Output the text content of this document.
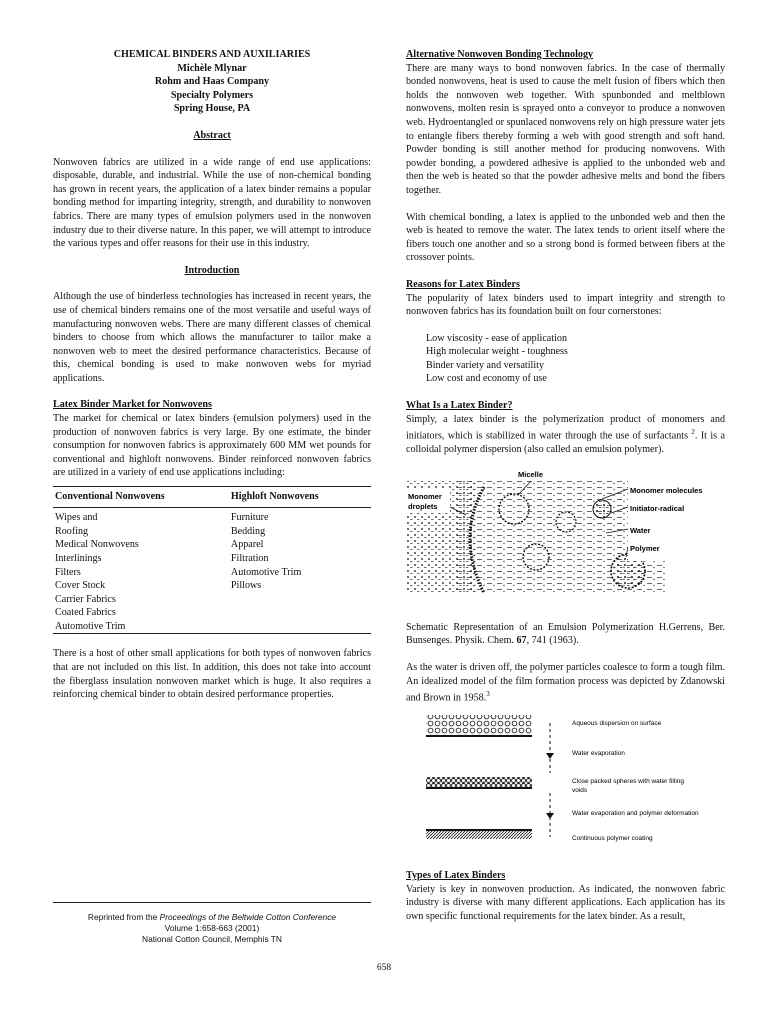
CHEMICAL BINDERS AND AUXILIARIES

Michèle Mlynar

Rohm and Haas Company

Specialty Polymers

Spring House, PA

Abstract

Nonwoven fabrics are utilized in a wide range of end use applications: disposable, durable, and industrial. While the use of non-chemical bonding has grown in recent years, the application of a latex binder remains a popular bonding method for imparting integrity, strength, and durability to nonwoven fabrics. There are many types of emulsion polymers used in the nonwoven industry due to their diverse nature. In this paper, we will attempt to introduce the various types and offer reasons for their use in this industry.

Introduction

Although the use of binderless technologies has increased in recent years, the use of chemical binders remains one of the most versatile and useful ways of manufacturing nonwoven webs. There are many different classes of chemical binders to choose from which allows the manufacturer to tailor make a nonwoven web to meet the desired performance characteristics. Because of this, chemical bonding is used to make nonwoven webs for myriad applications.

Latex Binder Market for Nonwovens

The market for chemical or latex binders (emulsion polymers) used in the production of nonwoven fabrics is very large. By one estimate, the binder consumption for nonwoven fabrics is approximately 600 MM wet pounds for conventional and highloft nonwovens. Binder reinforced nonwoven fabrics are utilized in a variety of end use applications including:

Conventional Nonwovens	Highloft Nonwovens

Wipes and	Furniture
Roofing	Bedding
Medical Nonwovens	Apparel
Interlinings	Filtration
Filters	Automotive Trim
Cover Stock	Pillows
Carrier Fabrics	
Coated Fabrics	
Automotive Trim	

There is a host of other small applications for both types of nonwoven fabrics that are not included on this list. In addition, this does not take into account the fiberglass insulation nonwoven market which is huge. It also requires a reinforcing chemical binder to obtain desired performance properties.

Reprinted from the Proceedings of the Beltwide Cotton Conference
Volume 1:658-663 (2001)
National Cotton Council, Memphis TN

Alternative Nonwoven Bonding Technology

There are many ways to bond nonwoven fabrics. In the case of thermally bonded nonwovens, heat is used to cause the melt fusion of fibers which then holds the nonwoven web together. With spunbonded and meltblown nonwovens, molten resin is sprayed onto a conveyor to produce a nonwoven web. Hydroentangled or spunlaced nonwovens rely on high pressure water jets to entangle fibers thereby forming a web with good strength and soft hand. Powder bonding is still another method for producing nonwovens. With powder bonding, a powdered adhesive is applied to the unbonded web and then the web is heated so that the powder adhesive melts and bond the fibers together.

With chemical bonding, a latex is applied to the unbonded web and then the web is heated to remove the water. The latex tends to orient itself where the fibers touch one another and so a strong bond is formed between fibers at the crossover points.

Reasons for Latex Binders

The popularity of latex binders used to impart integrity and strength to nonwoven fabrics has its foundation built on four cornerstones:

Low viscosity - ease of application

High molecular weight - toughness

Binder variety and versatility

Low cost and economy of use

What Is a Latex Binder?

Simply, a latex binder is the polymerization product of monomers and initiators, which is stabilized in water through the use of surfactants $^2$. It is a colloidal polymer dispersion (also called an emulsion polymer).

Micelle
Monomer molecules
Initiator-radical
Water
Polymer
Monomer
droplets

Schematic Representation of an Emulsion Polymerization H.Gerrens, Ber. Bunsenges. Physik. Chem. 67, 741 (1963).

As the water is driven off, the polymer particles coalesce to form a tough film. An idealized model of the film formation process was depicted by Zdanowski and Brown in 1958.$^3$

Aqueous dispersion on surface
Water evaporation
Close packed spheres with water filling
voids
Water evaporation and polymer deformation
Continuous polymer coating

Types of Latex Binders

Variety is key in nonwoven production. As indicated, the nonwoven fabric industry is diverse with many different applications. Each application has its own specific functional requirements for the latex binder. As a result,

658
